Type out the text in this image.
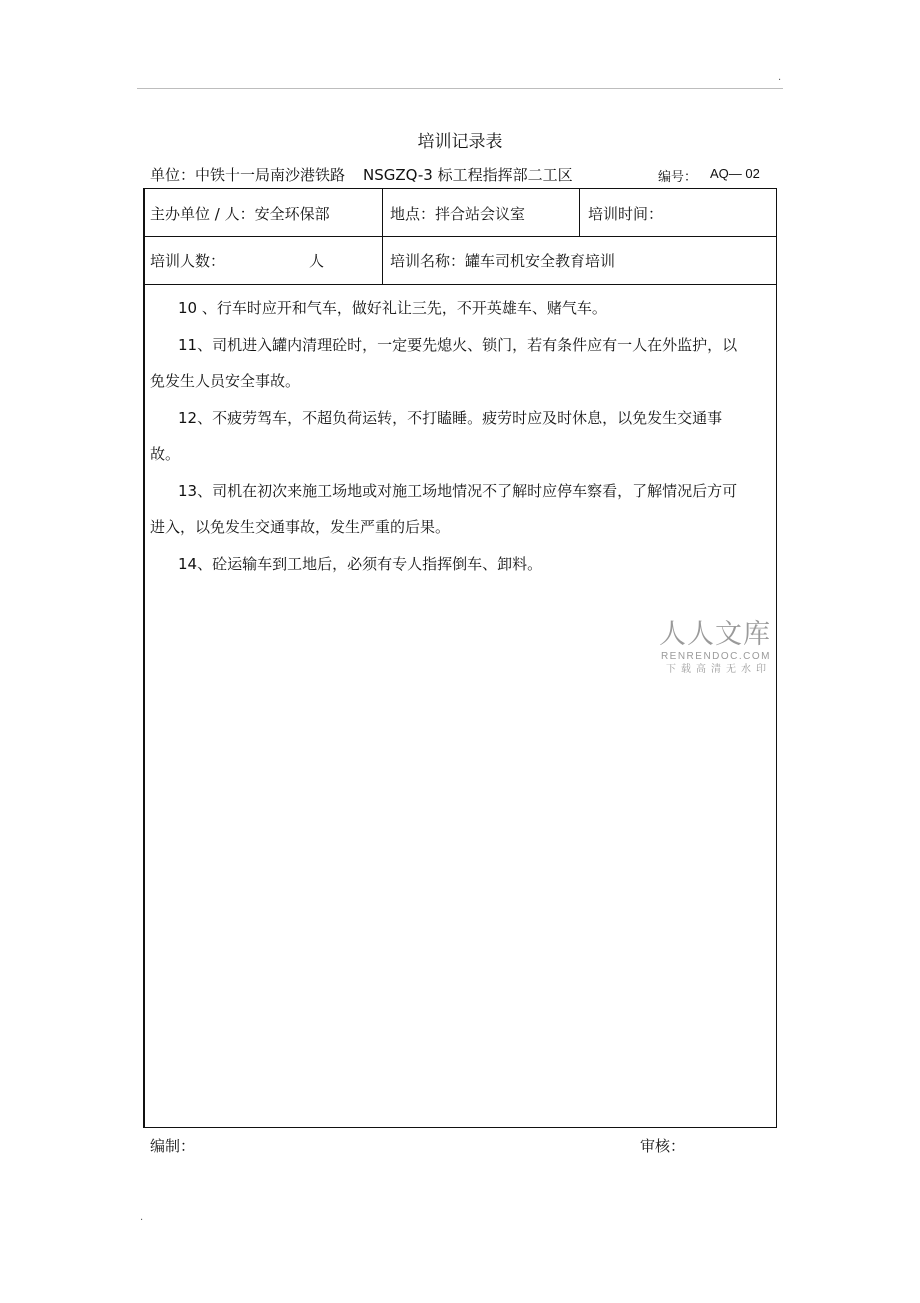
.
培训记录表
单位：中铁十一局南沙港铁路 NSGZQ-3 标工程指挥部二工区	编号： AQ— 02
主办单位 / 人：安全环保部	地点：拌合站会议室	培训时间：
培训人数：	人	培训名称：罐车司机安全教育培训

10 、行车时应开和气车，做好礼让三先，不开英雄车、赌气车。

11、司机进入罐内清理砼时，一定要先熄火、锁门，若有条件应有一人在外监护，以免发生人员安全事故。

12、不疲劳驾车，不超负荷运转，不打瞌睡。疲劳时应及时休息，以免发生交通事故。

13、司机在初次来施工场地或对施工场地情况不了解时应停车察看，了解情况后方可进入，以免发生交通事故，发生严重的后果。

14、砼运输车到工地后，必须有专人指挥倒车、卸料。

人人文库
RENRENDOC.COM
下载高清无水印
编制：	审核：
.
